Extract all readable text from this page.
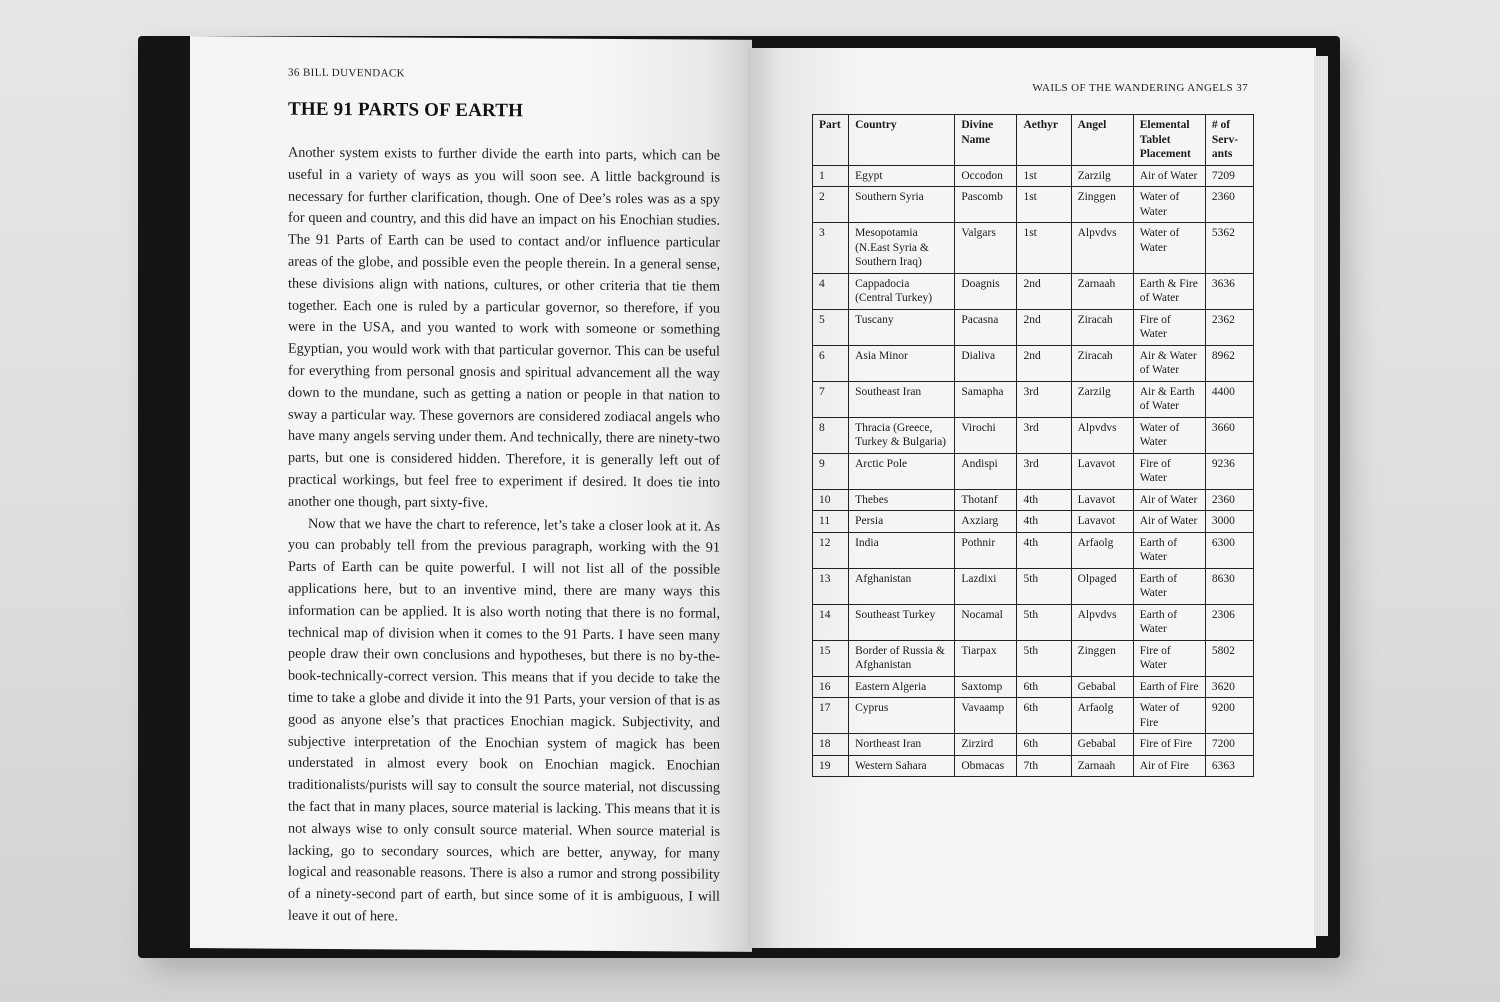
36 BILL DUVENDACK
THE 91 PARTS OF EARTH

Another system exists to further divide the earth into parts, which can be useful in a variety of ways as you will soon see. A little background is necessary for further clarification, though. One of Dee’s roles was as a spy for queen and country, and this did have an impact on his Enochian studies. The 91 Parts of Earth can be used to contact and/or influence particular areas of the globe, and possible even the people therein. In a general sense, these divisions align with nations, cultures, or other criteria that tie them together. Each one is ruled by a particular governor, so therefore, if you were in the USA, and you wanted to work with someone or something Egyptian, you would work with that particular governor. This can be useful for everything from personal gnosis and spiritual advancement all the way down to the mundane, such as getting a nation or people in that nation to sway a particular way. These governors are considered zodiacal angels who have many angels serving under them. And technically, there are ninety-two parts, but one is considered hidden. Therefore, it is generally left out of practical workings, but feel free to experiment if desired. It does tie into another one though, part sixty-five.

Now that we have the chart to reference, let’s take a closer look at it. As you can probably tell from the previous paragraph, working with the 91 Parts of Earth can be quite powerful. I will not list all of the possible applications here, but to an inventive mind, there are many ways this information can be applied. It is also worth noting that there is no formal, technical map of division when it comes to the 91 Parts. I have seen many people draw their own conclusions and hypotheses, but there is no by-the-book-technically-correct version. This means that if you decide to take the time to take a globe and divide it into the 91 Parts, your version of that is as good as anyone else’s that practices Enochian magick. Subjectivity, and subjective interpretation of the Enochian system of magick has been understated in almost every book on Enochian magick. Enochian traditionalists/purists will say to consult the source material, not discussing the fact that in many places, source material is lacking. This means that it is not always wise to only consult source material. When source material is lacking, go to secondary sources, which are better, anyway, for many logical and reasonable reasons. There is also a rumor and strong possibility of a ninety-second part of earth, but since some of it is ambiguous, I will leave it out of here.

WAILS OF THE WANDERING ANGELS 37
Part	Country	Divine Name	Aethyr	Angel	Elemental Tablet Placement	# of Serv-ants
1	Egypt	Occodon	1st	Zarzilg	Air of Water	7209
2	Southern Syria	Pascomb	1st	Zinggen	Water of Water	2360
3	Mesopotamia (N.East Syria & Southern Iraq)	Valgars	1st	Alpvdvs	Water of Water	5362
4	Cappadocia (Central Turkey)	Doagnis	2nd	Zarnaah	Earth & Fire of Water	3636
5	Tuscany	Pacasna	2nd	Ziracah	Fire of Water	2362
6	Asia Minor	Dialiva	2nd	Ziracah	Air & Water of Water	8962
7	Southeast Iran	Samapha	3rd	Zarzilg	Air & Earth of Water	4400
8	Thracia (Greece, Turkey & Bulgaria)	Virochi	3rd	Alpvdvs	Water of Water	3660
9	Arctic Pole	Andispi	3rd	Lavavot	Fire of Water	9236
10	Thebes	Thotanf	4th	Lavavot	Air of Water	2360
11	Persia	Axziarg	4th	Lavavot	Air of Water	3000
12	India	Pothnir	4th	Arfaolg	Earth of Water	6300
13	Afghanistan	Lazdixi	5th	Olpaged	Earth of Water	8630
14	Southeast Turkey	Nocamal	5th	Alpvdvs	Earth of Water	2306
15	Border of Russia & Afghanistan	Tiarpax	5th	Zinggen	Fire of Water	5802
16	Eastern Algeria	Saxtomp	6th	Gebabal	Earth of Fire	3620
17	Cyprus	Vavaamp	6th	Arfaolg	Water of Fire	9200
18	Northeast Iran	Zirzird	6th	Gebabal	Fire of Fire	7200
19	Western Sahara	Obmacas	7th	Zarnaah	Air of Fire	6363
